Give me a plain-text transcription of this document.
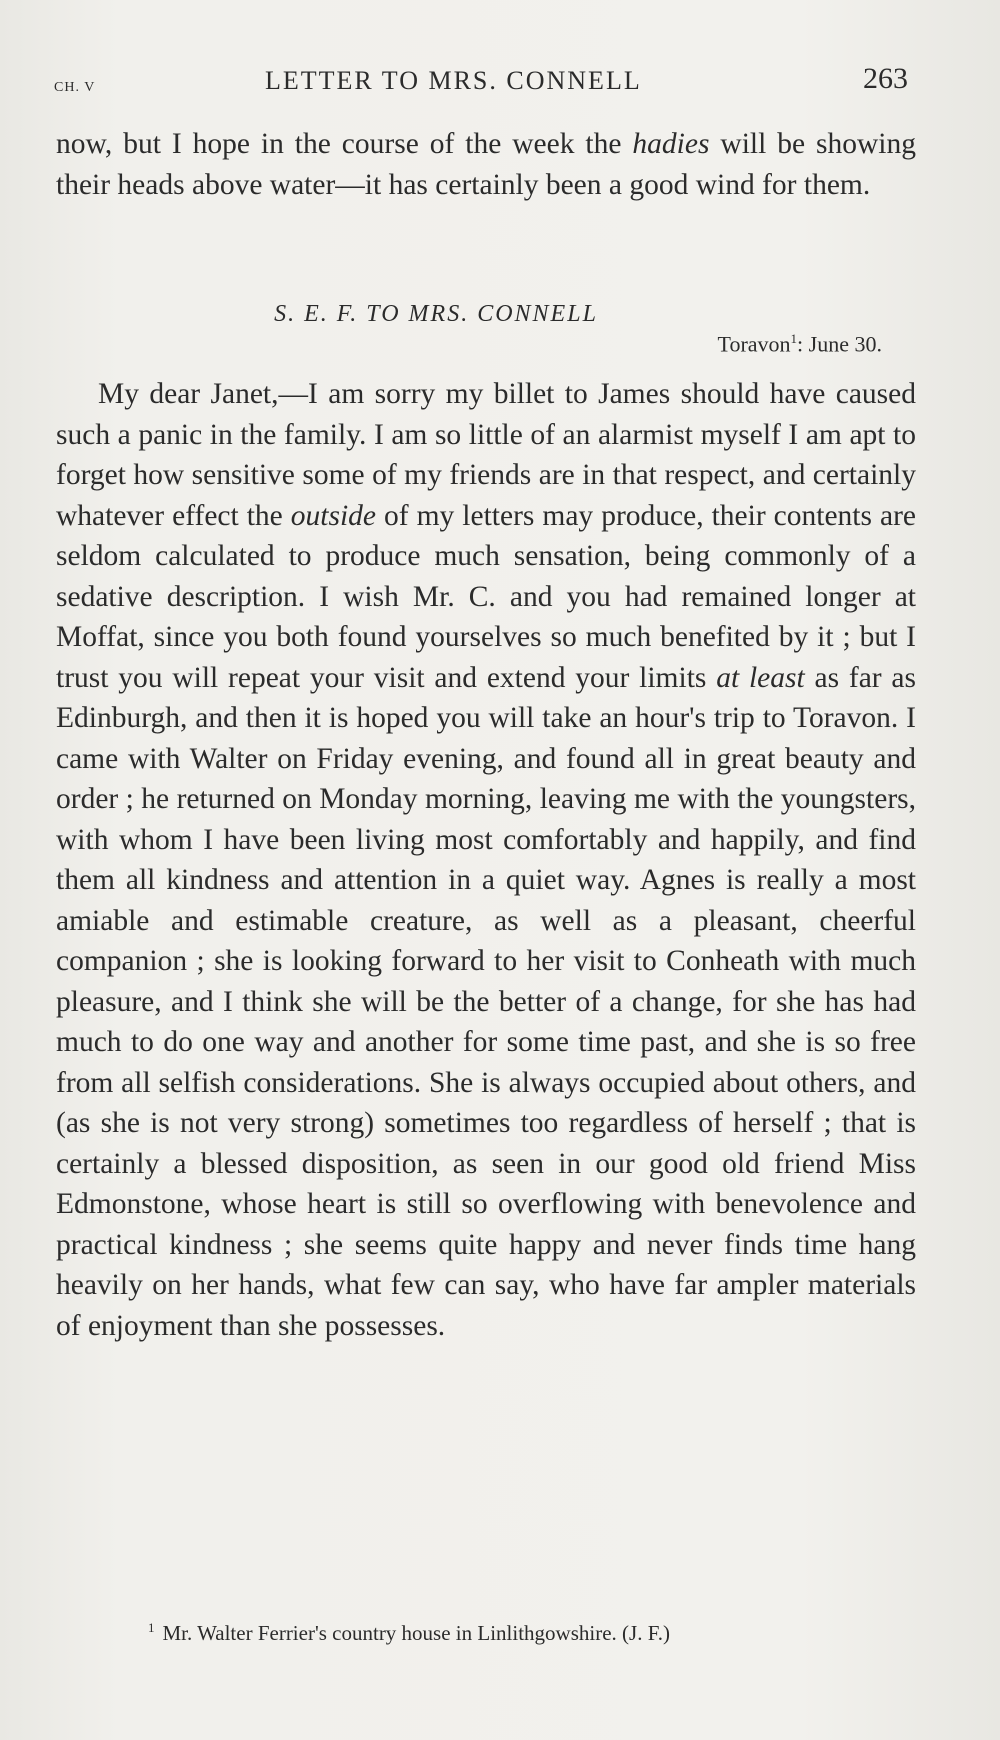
CH. V	LETTER TO MRS. CONNELL	263
now, but I hope in the course of the week the hadies will be showing their heads above water—it has certainly been a good wind for them.
S. E. F. TO MRS. CONNELL
Toravon$^1$: June 30.
My dear Janet,—I am sorry my billet to James should have caused such a panic in the family. I am so little of an alarmist myself I am apt to forget how sensitive some of my friends are in that respect, and certainly whatever effect the outside of my letters may produce, their contents are seldom calculated to produce much sensation, being commonly of a sedative description. I wish Mr. C. and you had remained longer at Moffat, since you both found yourselves so much benefited by it ; but I trust you will repeat your visit and extend your limits at least as far as Edinburgh, and then it is hoped you will take an hour's trip to Toravon. I came with Walter on Friday evening, and found all in great beauty and order ; he returned on Monday morning, leaving me with the youngsters, with whom I have been living most comfortably and happily, and find them all kindness and attention in a quiet way. Agnes is really a most amiable and estimable creature, as well as a pleasant, cheerful companion ; she is looking forward to her visit to Conheath with much pleasure, and I think she will be the better of a change, for she has had much to do one way and another for some time past, and she is so free from all selfish considerations. She is always occupied about others, and (as she is not very strong) sometimes too regardless of herself ; that is certainly a blessed disposition, as seen in our good old friend Miss Edmonstone, whose heart is still so overflowing with benevolence and practical kindness ; she seems quite happy and never finds time hang heavily on her hands, what few can say, who have far ampler materials of enjoyment than she possesses.
$^1$ Mr. Walter Ferrier's country house in Linlithgowshire. (J. F.)
